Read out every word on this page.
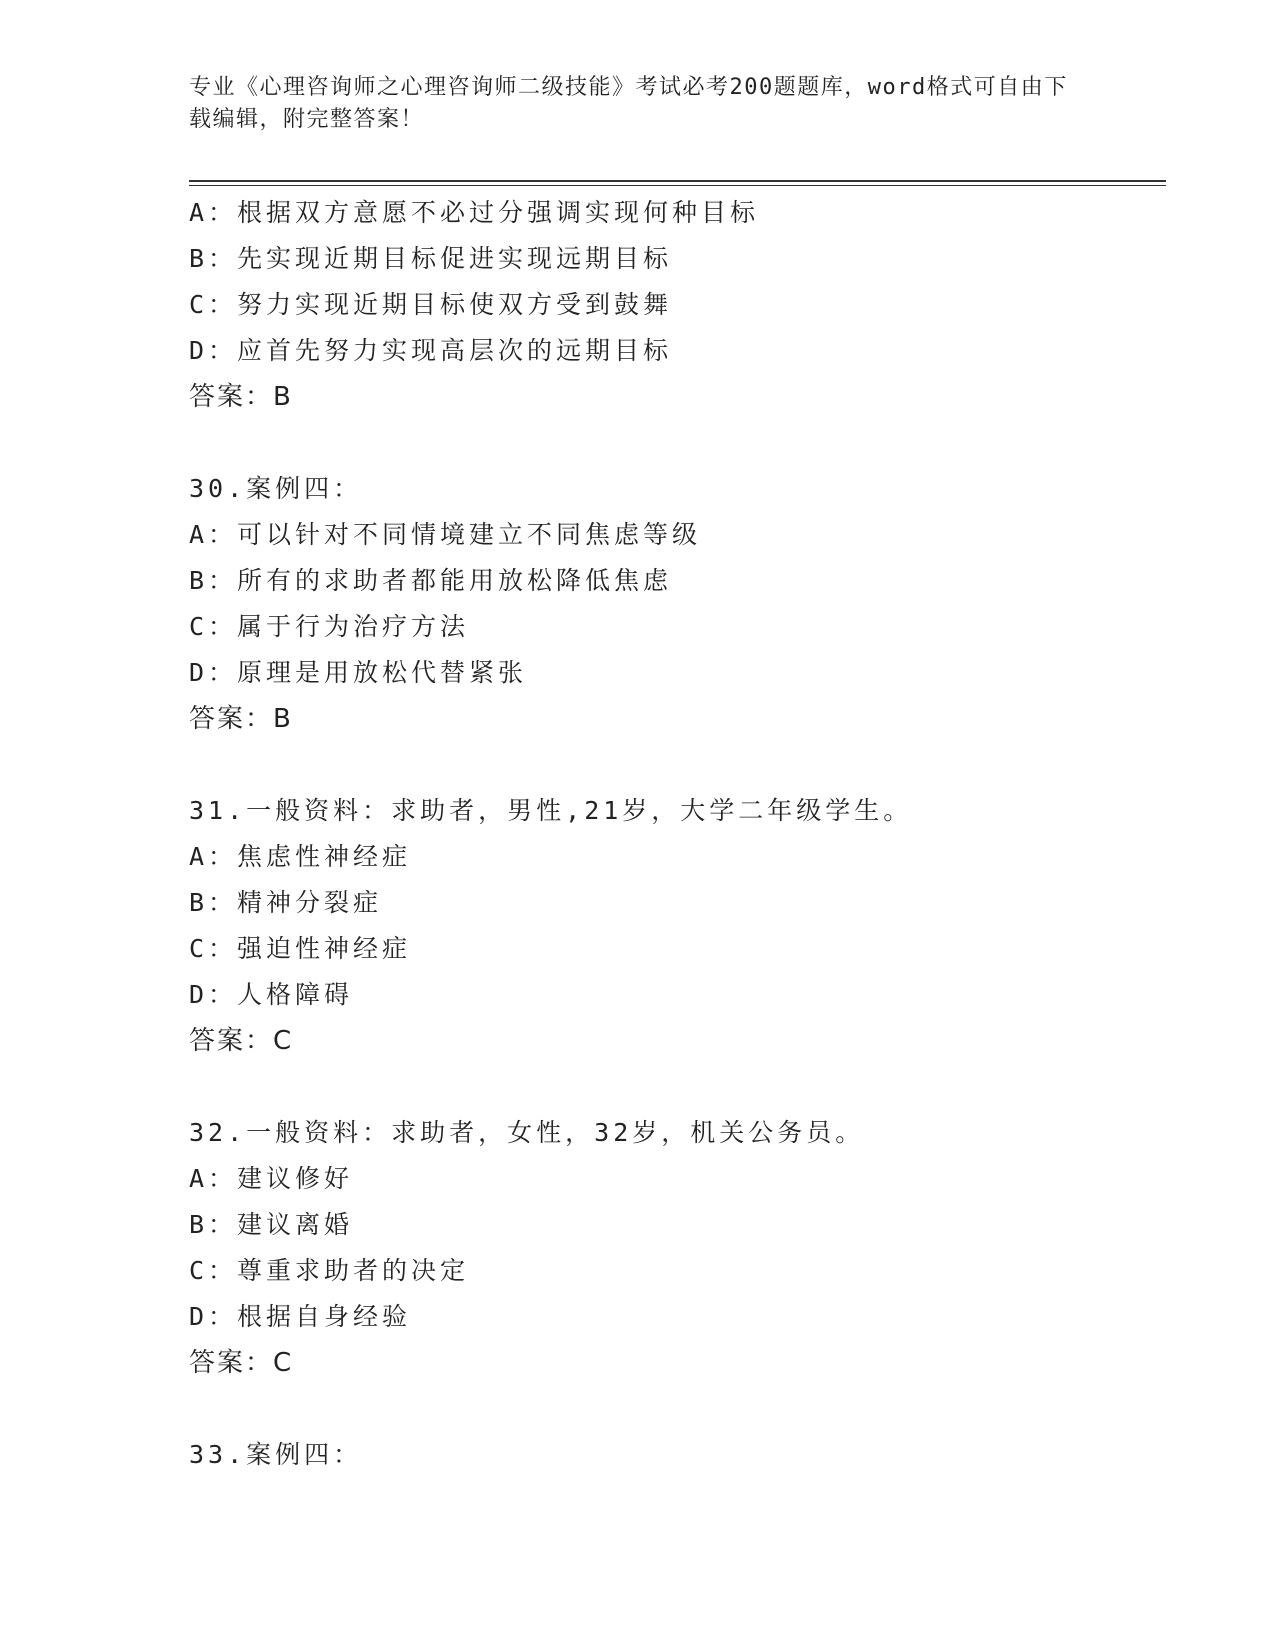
专业《心理咨询师之心理咨询师二级技能》考试必考200题题库，word格式可自由下载编辑，附完整答案！
A：根据双方意愿不必过分强调实现何种目标
B：先实现近期目标促进实现远期目标
C：努力实现近期目标使双方受到鼓舞
D：应首先努力实现高层次的远期目标
答案：B
30.案例四：
A：可以针对不同情境建立不同焦虑等级
B：所有的求助者都能用放松降低焦虑
C：属于行为治疗方法
D：原理是用放松代替紧张
答案：B
31.一般资料：求助者，男性,21岁，大学二年级学生。
A：焦虑性神经症
B：精神分裂症
C：强迫性神经症
D：人格障碍
答案：C
32.一般资料：求助者，女性，32岁，机关公务员。
A：建议修好
B：建议离婚
C：尊重求助者的决定
D：根据自身经验
答案：C
33.案例四：
